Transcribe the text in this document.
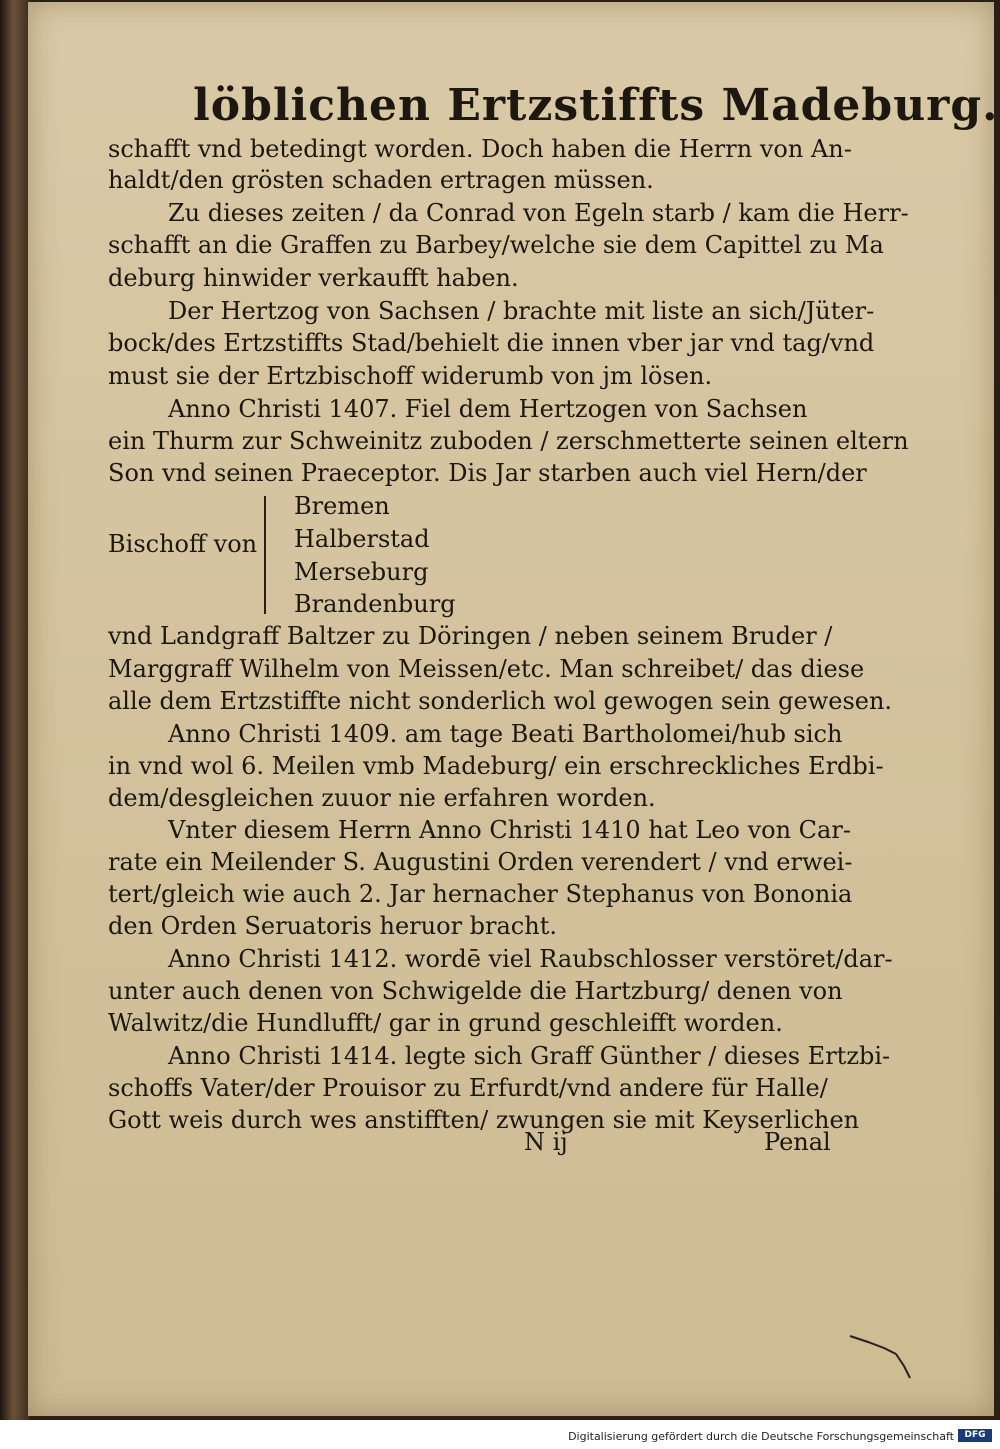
löblichen Ertzstiffts Madeburg.
schafft vnd betedingt worden. Doch haben die Herrn von An-
haldt/den grösten schaden ertragen müssen.
Zu dieses zeiten / da Conrad von Egeln starb / kam die Herr-
schafft an die Graffen zu Barbey/welche sie dem Capittel zu Ma
deburg hinwider verkaufft haben.
Der Hertzog von Sachsen / brachte mit liste an sich/Jüter-
bock/des Ertzstiffts Stad/behielt die innen vber jar vnd tag/vnd
must sie der Ertzbischoff widerumb von jm lösen.
Anno Christi 1407. Fiel dem Hertzogen von Sachsen
ein Thurm zur Schweinitz zuboden / zerschmetterte seinen eltern
Son vnd seinen Praeceptor. Dis Jar starben auch viel Hern/der
Bischoff von
Bremen
Halberstad
Merseburg
Brandenburg
vnd Landgraff Baltzer zu Döringen / neben seinem Bruder /
Marggraff Wilhelm von Meissen/etc. Man schreibet/ das diese
alle dem Ertzstiffte nicht sonderlich wol gewogen sein gewesen.
Anno Christi 1409. am tage Beati Bartholomei/hub sich
in vnd wol 6. Meilen vmb Madeburg/ ein erschreckliches Erdbi-
dem/desgleichen zuuor nie erfahren worden.
Vnter diesem Herrn Anno Christi 1410 hat Leo von Car-
rate ein Meilender S. Augustini Orden verendert / vnd erwei-
tert/gleich wie auch 2. Jar hernacher Stephanus von Bononia
den Orden Seruatoris heruor bracht.
Anno Christi 1412. wordē viel Raubschlosser verstöret/dar-
unter auch denen von Schwigelde die Hartzburg/ denen von
Walwitz/die Hundlufft/ gar in grund geschleifft worden.
Anno Christi 1414. legte sich Graff Günther / dieses Ertzbi-
schoffs Vater/der Prouisor zu Erfurdt/vnd andere für Halle/
Gott weis durch wes anstifften/ zwungen sie mit Keyserlichen
N ij	Penal
Digitalisierung gefördert durch die Deutsche Forschungsgemeinschaft	DFG
